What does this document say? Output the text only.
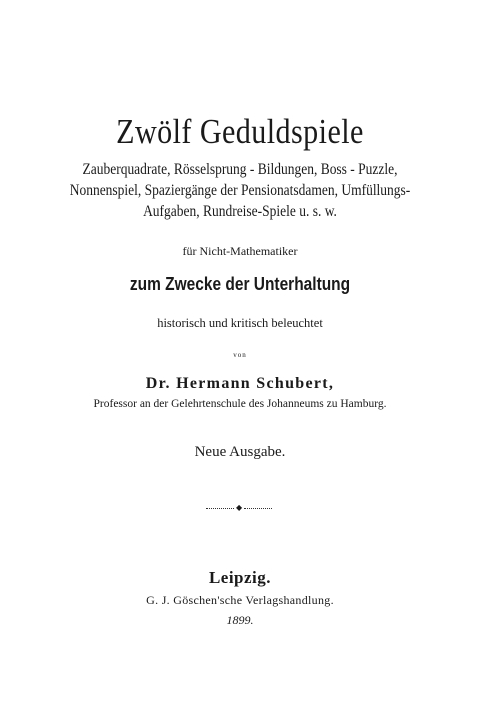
Zwölf Geduldspiele
Zauberquadrate, Rösselsprung - Bildungen, Boss - Puzzle,
Nonnenspiel, Spaziergänge der Pensionatsdamen, Umfüllungs-
Aufgaben, Rundreise-Spiele u. s. w.
für Nicht-Mathematiker
zum Zwecke der Unterhaltung
historisch und kritisch beleuchtet
von
Dr. Hermann Schubert,
Professor an der Gelehrtenschule des Johanneums zu Hamburg.
Neue Ausgabe.
◆
Leipzig.
G. J. Göschen'sche Verlagshandlung.
1899.
